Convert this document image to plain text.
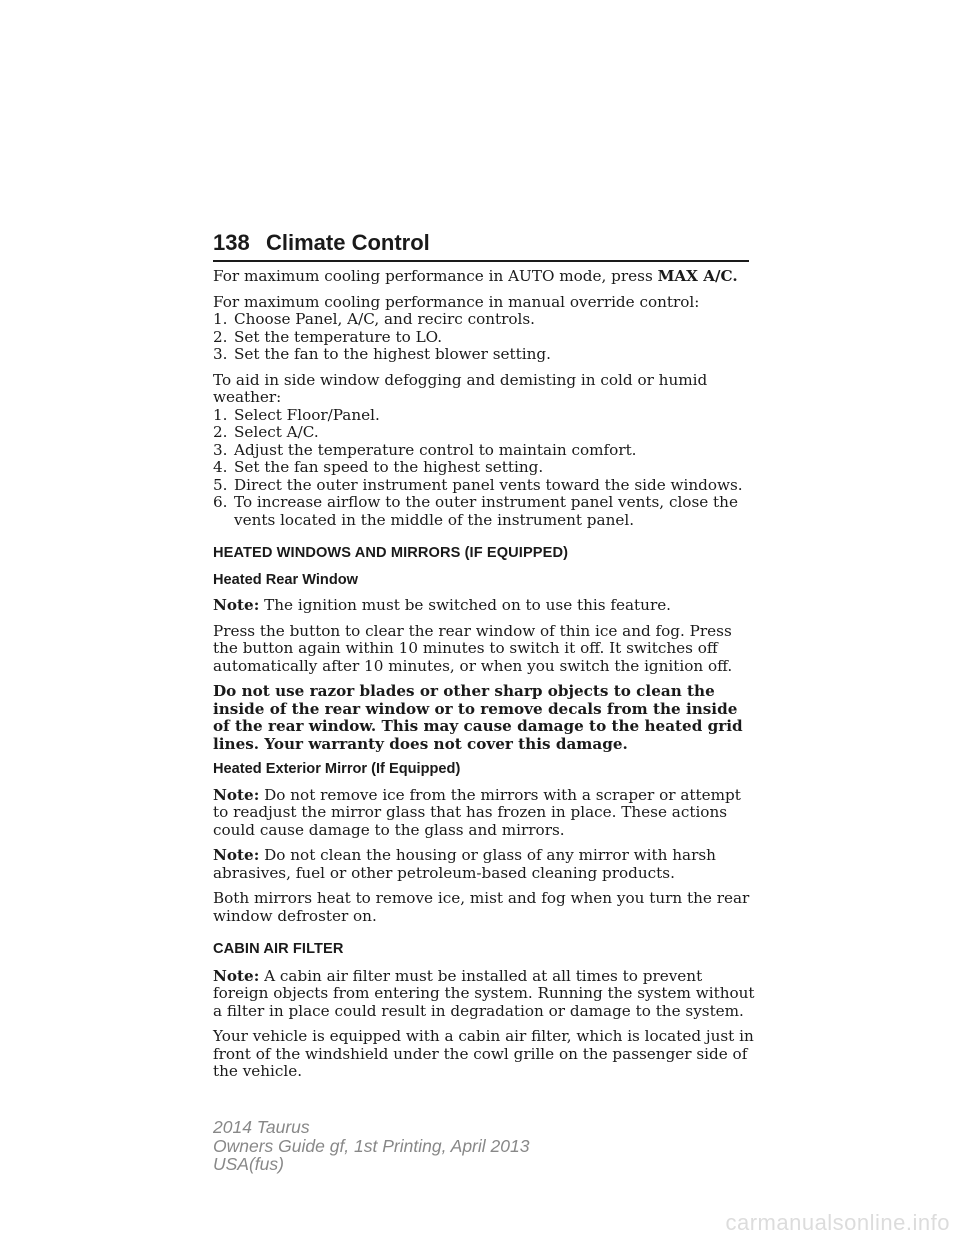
138 Climate Control

For maximum cooling performance in AUTO mode, press MAX A/C.

For maximum cooling performance in manual override control:
1. Choose Panel, A/C, and recirc controls.
2. Set the temperature to LO.
3. Set the fan to the highest blower setting.
To aid in side window defogging and demisting in cold or humid weather:
1. Select Floor/Panel.
2. Select A/C.
3. Adjust the temperature control to maintain comfort.
4. Set the fan speed to the highest setting.
5. Direct the outer instrument panel vents toward the side windows.
6. To increase airflow to the outer instrument panel vents, close the vents located in the middle of the instrument panel.
HEATED WINDOWS AND MIRRORS (IF EQUIPPED)
Heated Rear Window

Note: The ignition must be switched on to use this feature.

Press the button to clear the rear window of thin ice and fog. Press the button again within 10 minutes to switch it off. It switches off automatically after 10 minutes, or when you switch the ignition off.

Do not use razor blades or other sharp objects to clean the inside of the rear window or to remove decals from the inside of the rear window. This may cause damage to the heated grid lines. Your warranty does not cover this damage.

Heated Exterior Mirror (If Equipped)

Note: Do not remove ice from the mirrors with a scraper or attempt to readjust the mirror glass that has frozen in place. These actions could cause damage to the glass and mirrors.

Note: Do not clean the housing or glass of any mirror with harsh abrasives, fuel or other petroleum-based cleaning products.

Both mirrors heat to remove ice, mist and fog when you turn the rear window defroster on.

CABIN AIR FILTER

Note: A cabin air filter must be installed at all times to prevent foreign objects from entering the system. Running the system without a filter in place could result in degradation or damage to the system.

Your vehicle is equipped with a cabin air filter, which is located just in front of the windshield under the cowl grille on the passenger side of the vehicle.

2014 Taurus
Owners Guide gf, 1st Printing, April 2013
USA(fus)
carmanualsonline.info
